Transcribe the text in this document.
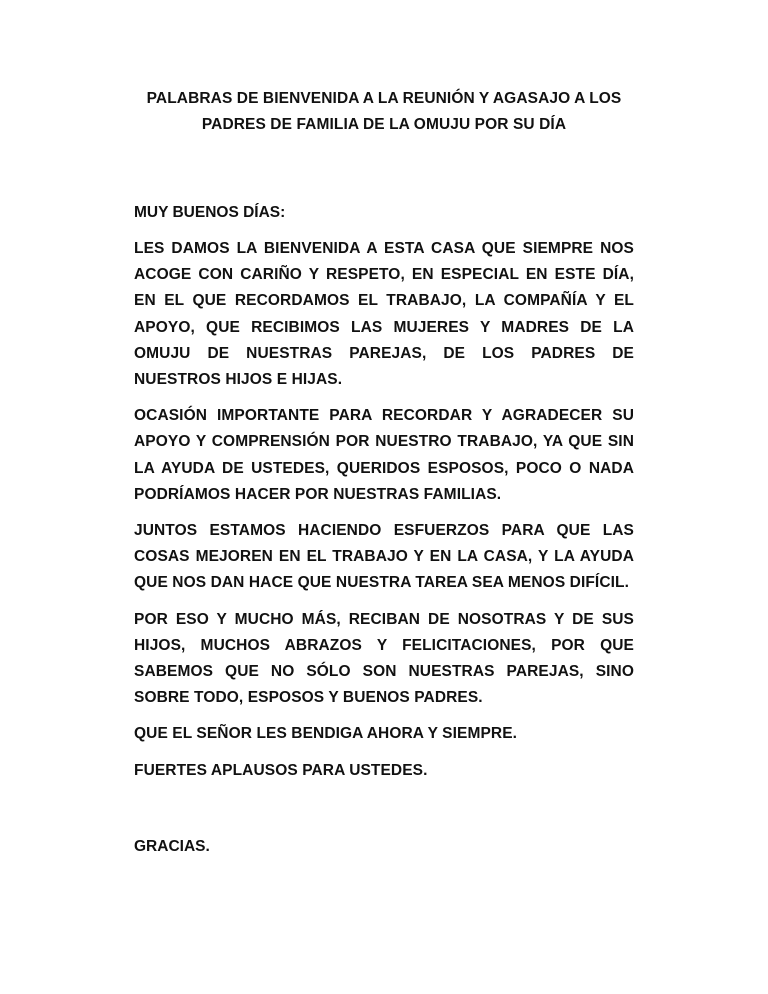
PALABRAS DE BIENVENIDA A LA REUNIÓN Y AGASAJO A LOS PADRES DE FAMILIA DE LA OMUJU POR SU DÍA

MUY BUENOS DÍAS:

LES DAMOS LA BIENVENIDA A ESTA CASA QUE SIEMPRE NOS ACOGE CON CARIÑO Y RESPETO, EN ESPECIAL EN ESTE DÍA, EN EL QUE RECORDAMOS EL TRABAJO, LA COMPAÑÍA Y EL APOYO, QUE RECIBIMOS LAS MUJERES Y MADRES DE LA OMUJU DE NUESTRAS PAREJAS, DE LOS PADRES DE NUESTROS HIJOS E HIJAS.

OCASIÓN IMPORTANTE PARA RECORDAR Y AGRADECER SU APOYO Y COMPRENSIÓN POR NUESTRO TRABAJO, YA QUE SIN LA AYUDA DE USTEDES, QUERIDOS ESPOSOS, POCO O NADA PODRÍAMOS HACER POR NUESTRAS FAMILIAS.

JUNTOS ESTAMOS HACIENDO ESFUERZOS PARA QUE LAS COSAS MEJOREN EN EL TRABAJO Y EN LA CASA, Y LA AYUDA QUE NOS DAN HACE QUE NUESTRA TAREA SEA MENOS DIFÍCIL.

POR ESO Y MUCHO MÁS, RECIBAN DE NOSOTRAS Y DE SUS HIJOS, MUCHOS ABRAZOS Y FELICITACIONES, POR QUE SABEMOS QUE NO SÓLO SON NUESTRAS PAREJAS, SINO SOBRE TODO, ESPOSOS Y BUENOS PADRES.

QUE EL SEÑOR LES BENDIGA AHORA Y SIEMPRE.

FUERTES APLAUSOS PARA USTEDES.

GRACIAS.
